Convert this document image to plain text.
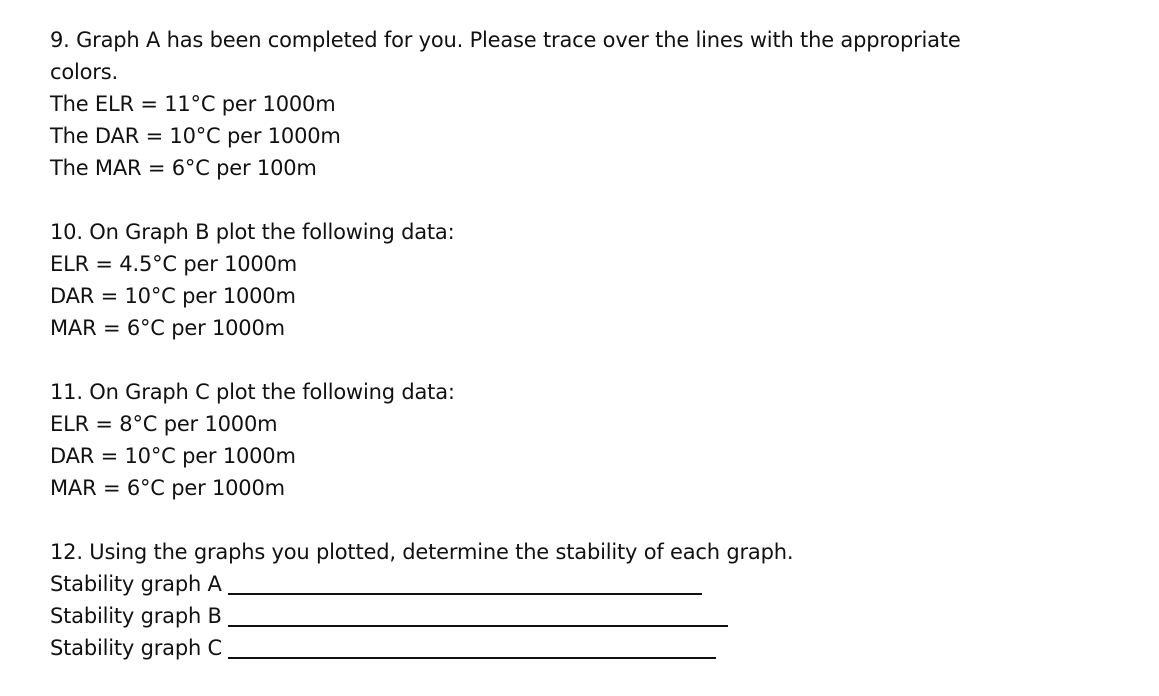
9. Graph A has been completed for you. Please trace over the lines with the appropriate
colors.
The ELR = 11°C per 1000m
The DAR = 10°C per 1000m
The MAR = 6°C per 100m
10. On Graph B plot the following data:
ELR = 4.5°C per 1000m
DAR = 10°C per 1000m
MAR = 6°C per 1000m
11. On Graph C plot the following data:
ELR = 8°C per 1000m
DAR = 10°C per 1000m
MAR = 6°C per 1000m
12. Using the graphs you plotted, determine the stability of each graph.
Stability graph A
Stability graph B
Stability graph C
